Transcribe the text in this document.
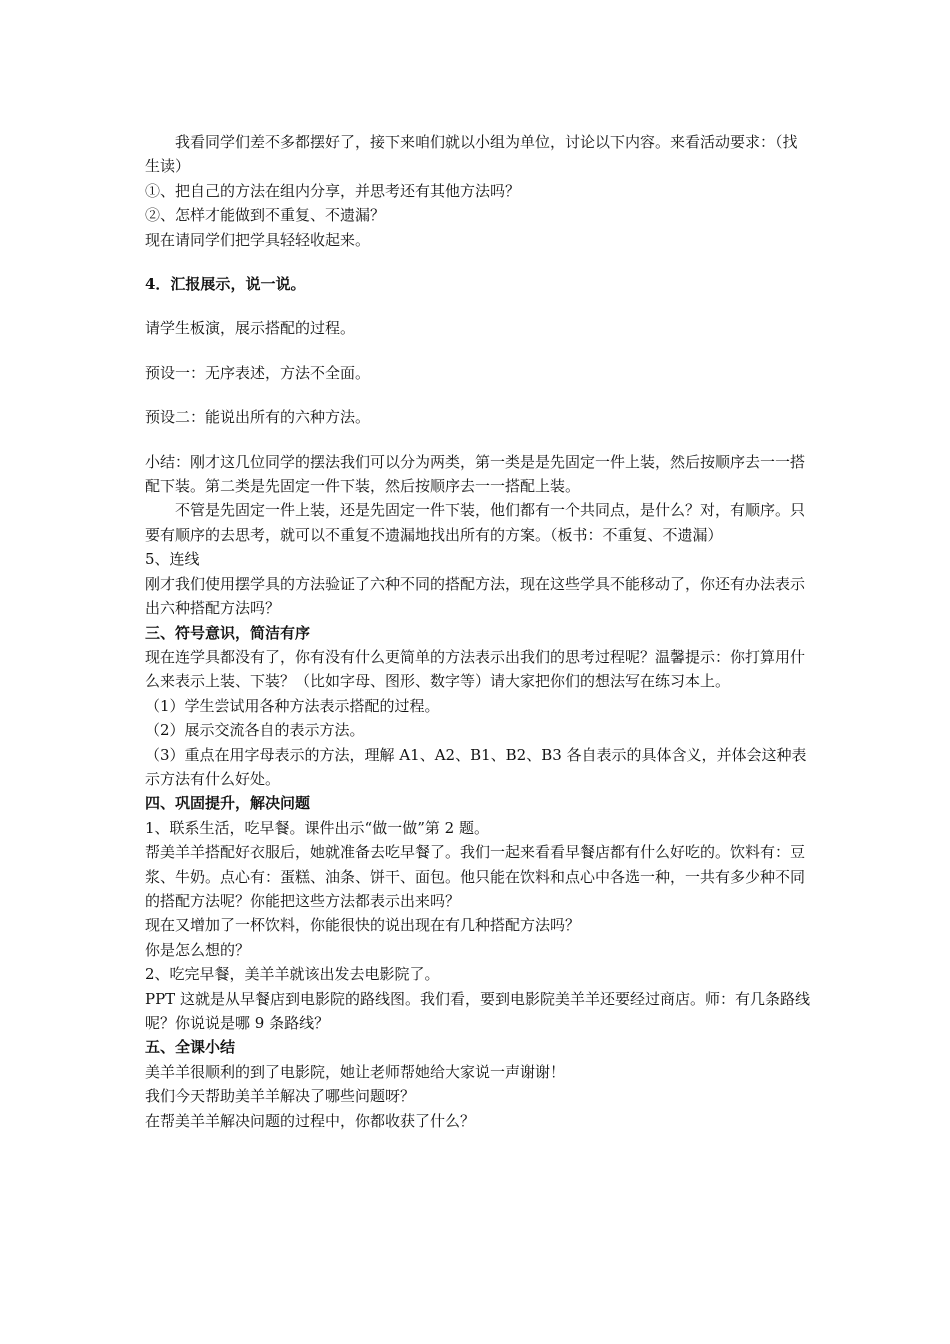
我看同学们差不多都摆好了，接下来咱们就以小组为单位，讨论以下内容。来看活动要求：（找生读）

①、把自己的方法在组内分享，并思考还有其他方法吗？

②、怎样才能做到不重复、不遗漏？

现在请同学们把学具轻轻收起来。

4．汇报展示，说一说。

请学生板演，展示搭配的过程。

预设一：无序表述，方法不全面。

预设二：能说出所有的六种方法。

小结：刚才这几位同学的摆法我们可以分为两类，第一类是是先固定一件上装，然后按顺序去一一搭配下装。第二类是先固定一件下装，然后按顺序去一一搭配上装。

不管是先固定一件上装，还是先固定一件下装，他们都有一个共同点，是什么？对，有顺序。只要有顺序的去思考，就可以不重复不遗漏地找出所有的方案。（板书：不重复、不遗漏）

5、连线

刚才我们使用摆学具的方法验证了六种不同的搭配方法，现在这些学具不能移动了，你还有办法表示出六种搭配方法吗？

三、符号意识，简洁有序

现在连学具都没有了，你有没有什么更简单的方法表示出我们的思考过程呢？温馨提示：你打算用什么来表示上装、下装？（比如字母、图形、数字等）请大家把你们的想法写在练习本上。

（1）学生尝试用各种方法表示搭配的过程。

（2）展示交流各自的表示方法。

（3）重点在用字母表示的方法，理解 A1、A2、B1、B2、B3 各自表示的具体含义，并体会这种表示方法有什么好处。

四、巩固提升，解决问题

1、联系生活，吃早餐。课件出示“做一做”第 2 题。

帮美羊羊搭配好衣服后，她就准备去吃早餐了。我们一起来看看早餐店都有什么好吃的。饮料有：豆浆、牛奶。点心有：蛋糕、油条、饼干、面包。他只能在饮料和点心中各选一种，一共有多少种不同的搭配方法呢？你能把这些方法都表示出来吗？

现在又增加了一杯饮料，你能很快的说出现在有几种搭配方法吗？

你是怎么想的？

2、吃完早餐，美羊羊就该出发去电影院了。

PPT 这就是从早餐店到电影院的路线图。我们看，要到电影院美羊羊还要经过商店。师：有几条路线呢？你说说是哪 9 条路线？

五、全课小结

美羊羊很顺利的到了电影院，她让老师帮她给大家说一声谢谢！

我们今天帮助美羊羊解决了哪些问题呀？

在帮美羊羊解决问题的过程中，你都收获了什么？
